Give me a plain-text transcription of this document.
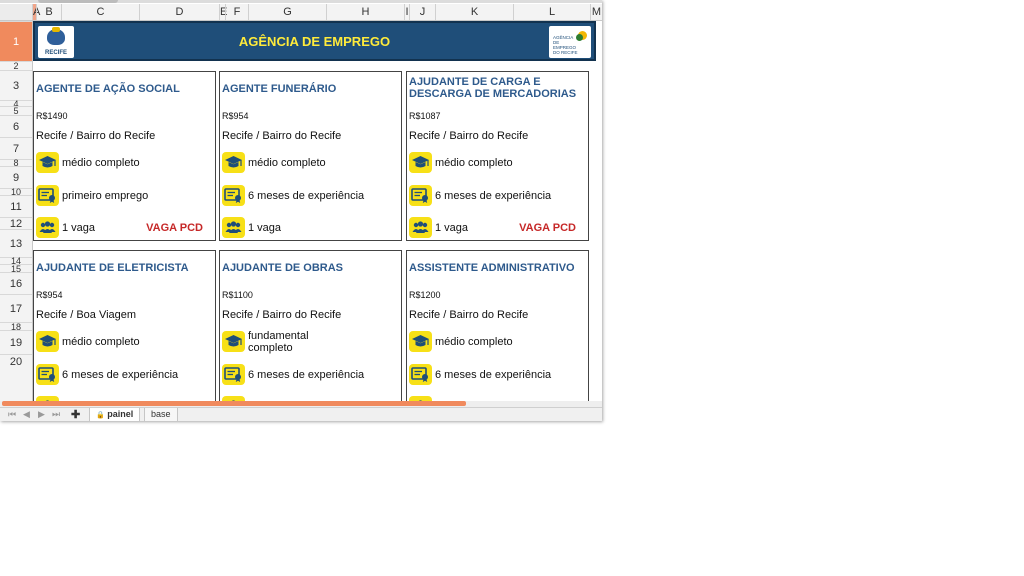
A B	C	D	E F	G	H	I	J	K	L	M
1
2
3
4
5
6
7
8
9
10
11
12
13
14
15
16
17
18
19
20
RECIFE
AGÊNCIA DE EMPREGO	AGÊNCIA DE EMPREGO DO RECIFE
AGENTE DE AÇÃO SOCIAL
R$1490
Recife / Bairro do Recife
médio completo
primeiro emprego
1 vaga	VAGA PCD
AGENTE FUNERÁRIO
R$954
Recife / Bairro do Recife
médio completo
6 meses de experiência
1 vaga
AJUDANTE DE CARGA E DESCARGA DE MERCADORIAS
R$1087
Recife / Bairro do Recife
médio completo
6 meses de experiência
1 vaga	VAGA PCD
AJUDANTE DE ELETRICISTA
R$954
Recife / Boa Viagem
médio completo
6 meses de experiência
AJUDANTE DE OBRAS
R$1100
Recife / Bairro do Recife
fundamental completo
6 meses de experiência
ASSISTENTE ADMINISTRATIVO
R$1200
Recife / Bairro do Recife
médio completo
6 meses de experiência
⏮ ◀ ▶ ⏭ ✚	🔒 painel	base
